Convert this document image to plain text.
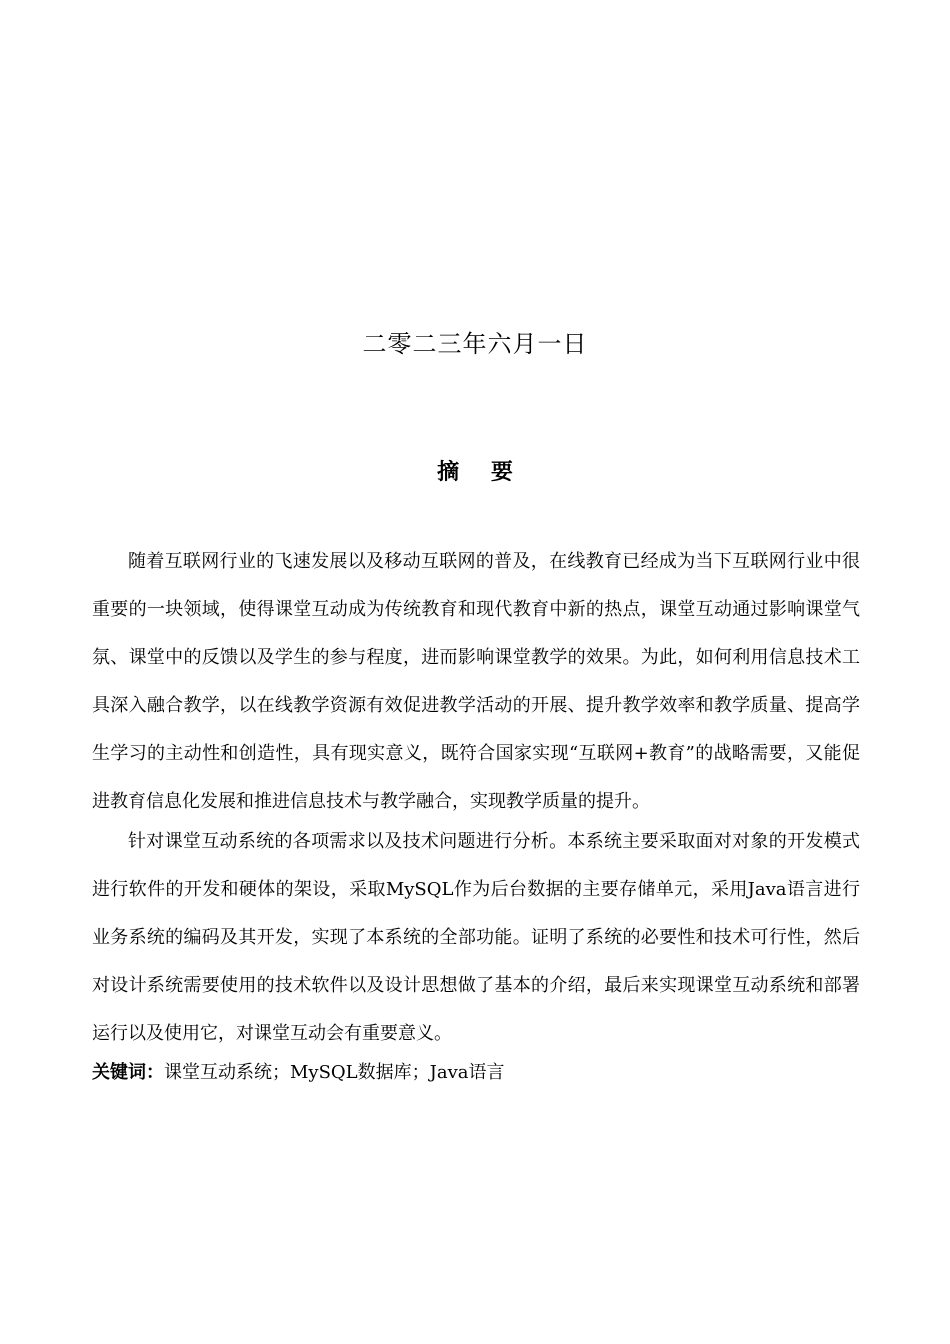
二零二三年六月一日
摘 要

随着互联网行业的飞速发展以及移动互联网的普及，在线教育已经成为当下互联网行业中很重要的一块领域，使得课堂互动成为传统教育和现代教育中新的热点，课堂互动通过影响课堂气氛、课堂中的反馈以及学生的参与程度，进而影响课堂教学的效果。为此，如何利用信息技术工具深入融合教学，以在线教学资源有效促进教学活动的开展、提升教学效率和教学质量、提高学生学习的主动性和创造性，具有现实意义，既符合国家实现“互联网+教育”的战略需要，又能促进教育信息化发展和推进信息技术与教学融合，实现教学质量的提升。

针对课堂互动系统的各项需求以及技术问题进行分析。本系统主要采取面对对象的开发模式进行软件的开发和硬体的架设，采取MySQL作为后台数据的主要存储单元，采用Java语言进行业务系统的编码及其开发，实现了本系统的全部功能。证明了系统的必要性和技术可行性，然后对设计系统需要使用的技术软件以及设计思想做了基本的介绍，最后来实现课堂互动系统和部署运行以及使用它，对课堂互动会有重要意义。

关键词：课堂互动系统；MySQL数据库；Java语言
